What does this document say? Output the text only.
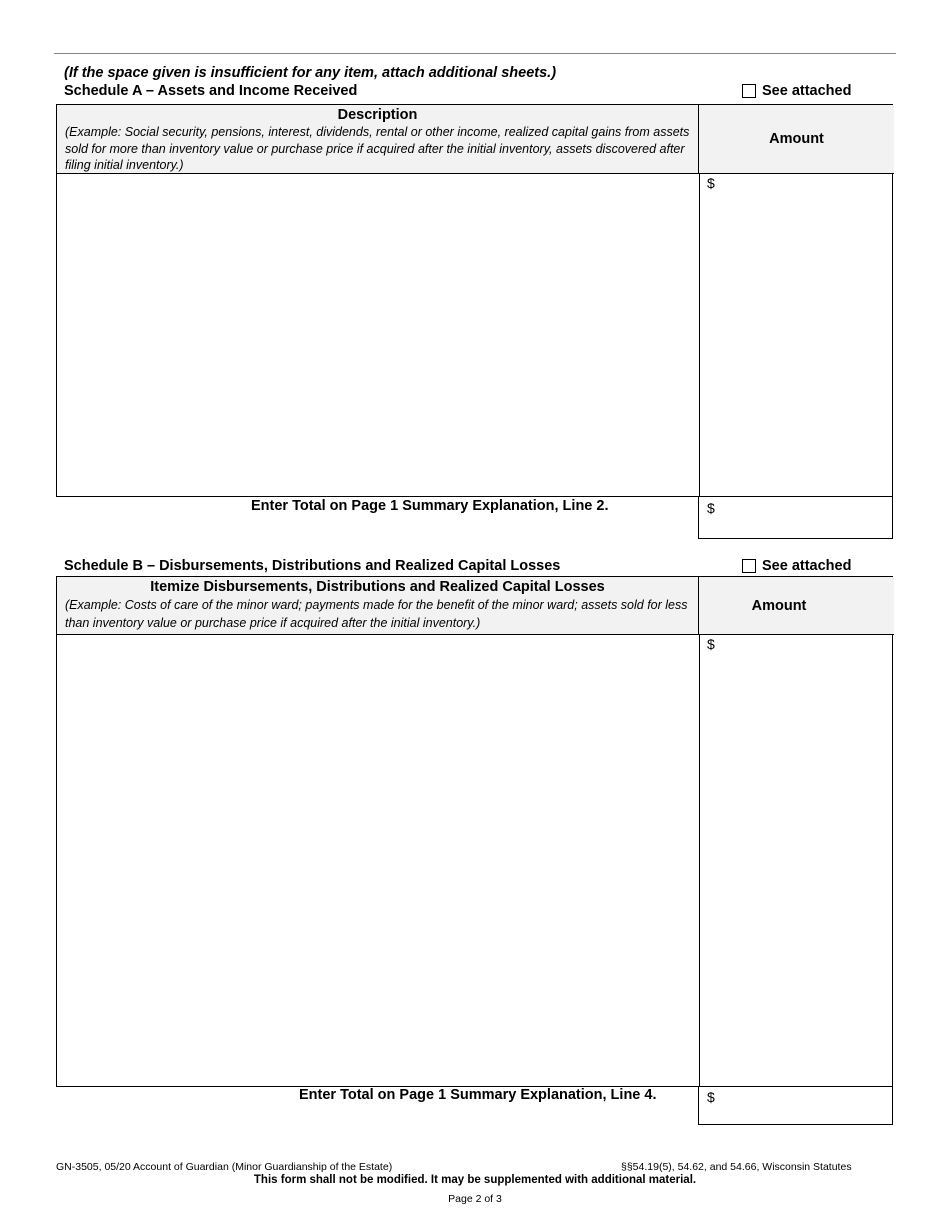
(If the space given is insufficient for any item, attach additional sheets.)
Schedule A – Assets and Income Received	See attached
Description
(Example: Social security, pensions, interest, dividends, rental or other income, realized capital gains from assets sold for more than inventory value or purchase price if acquired after the initial inventory, assets discovered after filing initial inventory.)
Amount
$
Enter Total on Page 1 Summary Explanation, Line 2.	$
Schedule B – Disbursements, Distributions and Realized Capital Losses	See attached
Itemize Disbursements, Distributions and Realized Capital Losses
(Example: Costs of care of the minor ward; payments made for the benefit of the minor ward; assets sold for less than inventory value or purchase price if acquired after the initial inventory.)
Amount
$
Enter Total on Page 1 Summary Explanation, Line 4.	$
GN-3505, 05/20 Account of Guardian (Minor Guardianship of the Estate)	§§54.19(5), 54.62, and 54.66, Wisconsin Statutes
This form shall not be modified. It may be supplemented with additional material.
Page 2 of 3
